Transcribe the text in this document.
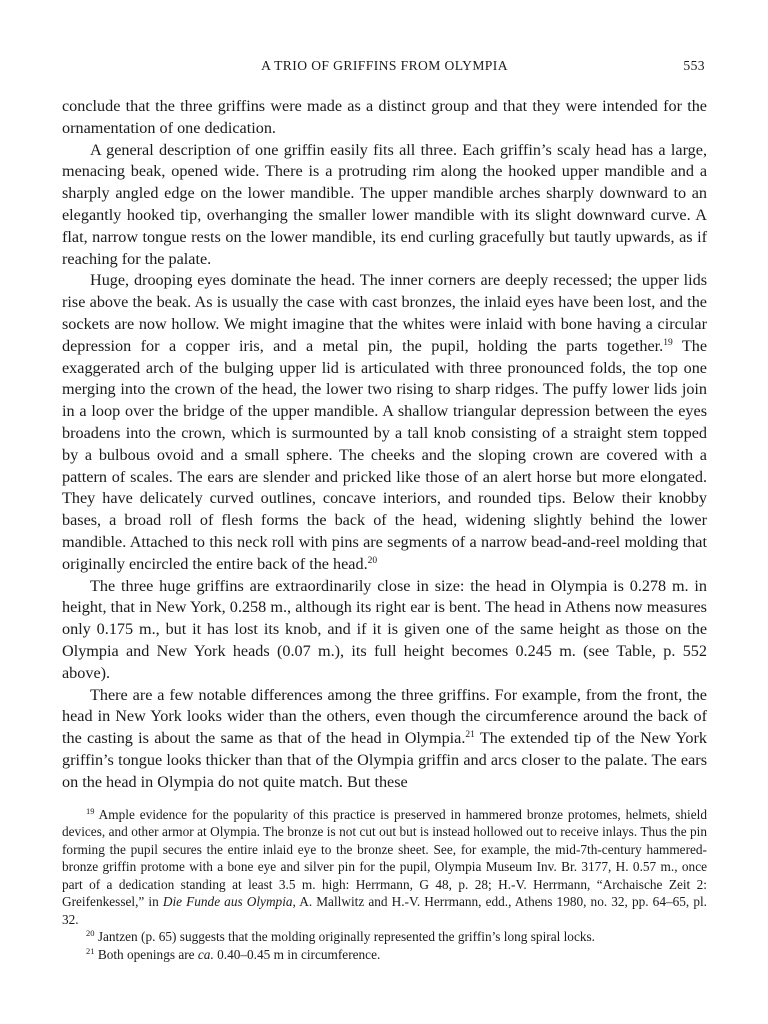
A TRIO OF GRIFFINS FROM OLYMPIA	553

conclude that the three griffins were made as a distinct group and that they were intended for the ornamentation of one dedication.

A general description of one griffin easily fits all three. Each griffin’s scaly head has a large, menacing beak, opened wide. There is a protruding rim along the hooked upper mandible and a sharply angled edge on the lower mandible. The upper mandible arches sharply downward to an elegantly hooked tip, overhanging the smaller lower mandible with its slight downward curve. A flat, narrow tongue rests on the lower mandible, its end curling gracefully but tautly upwards, as if reaching for the palate.

Huge, drooping eyes dominate the head. The inner corners are deeply recessed; the upper lids rise above the beak. As is usually the case with cast bronzes, the inlaid eyes have been lost, and the sockets are now hollow. We might imagine that the whites were inlaid with bone having a circular depression for a copper iris, and a metal pin, the pupil, holding the parts together.$^{19}$ The exaggerated arch of the bulging upper lid is articulated with three pronounced folds, the top one merging into the crown of the head, the lower two rising to sharp ridges. The puffy lower lids join in a loop over the bridge of the upper mandible. A shallow triangular depression between the eyes broadens into the crown, which is surmounted by a tall knob consisting of a straight stem topped by a bulbous ovoid and a small sphere. The cheeks and the sloping crown are covered with a pattern of scales. The ears are slender and pricked like those of an alert horse but more elongated. They have delicately curved outlines, concave interiors, and rounded tips. Below their knobby bases, a broad roll of flesh forms the back of the head, widening slightly behind the lower mandible. Attached to this neck roll with pins are segments of a narrow bead-and-reel molding that originally encircled the entire back of the head.$^{20}$

The three huge griffins are extraordinarily close in size: the head in Olympia is 0.278 m. in height, that in New York, 0.258 m., although its right ear is bent. The head in Athens now measures only 0.175 m., but it has lost its knob, and if it is given one of the same height as those on the Olympia and New York heads (0.07 m.), its full height becomes 0.245 m. (see Table, p. 552 above).

There are a few notable differences among the three griffins. For example, from the front, the head in New York looks wider than the others, even though the circumference around the back of the casting is about the same as that of the head in Olympia.$^{21}$ The extended tip of the New York griffin’s tongue looks thicker than that of the Olympia griffin and arcs closer to the palate. The ears on the head in Olympia do not quite match. But these

$^{19}$ Ample evidence for the popularity of this practice is preserved in hammered bronze protomes, helmets, shield devices, and other armor at Olympia. The bronze is not cut out but is instead hollowed out to receive inlays. Thus the pin forming the pupil secures the entire inlaid eye to the bronze sheet. See, for example, the mid-7th-century hammered-bronze griffin protome with a bone eye and silver pin for the pupil, Olympia Museum Inv. Br. 3177, H. 0.57 m., once part of a dedication standing at least 3.5 m. high: Herrmann, G 48, p. 28; H.-V. Herrmann, “Archaische Zeit 2: Greifenkessel,” in Die Funde aus Olympia, A. Mallwitz and H.-V. Herrmann, edd., Athens 1980, no. 32, pp. 64–65, pl. 32.

$^{20}$ Jantzen (p. 65) suggests that the molding originally represented the griffin’s long spiral locks.

$^{21}$ Both openings are ca. 0.40–0.45 m in circumference.
